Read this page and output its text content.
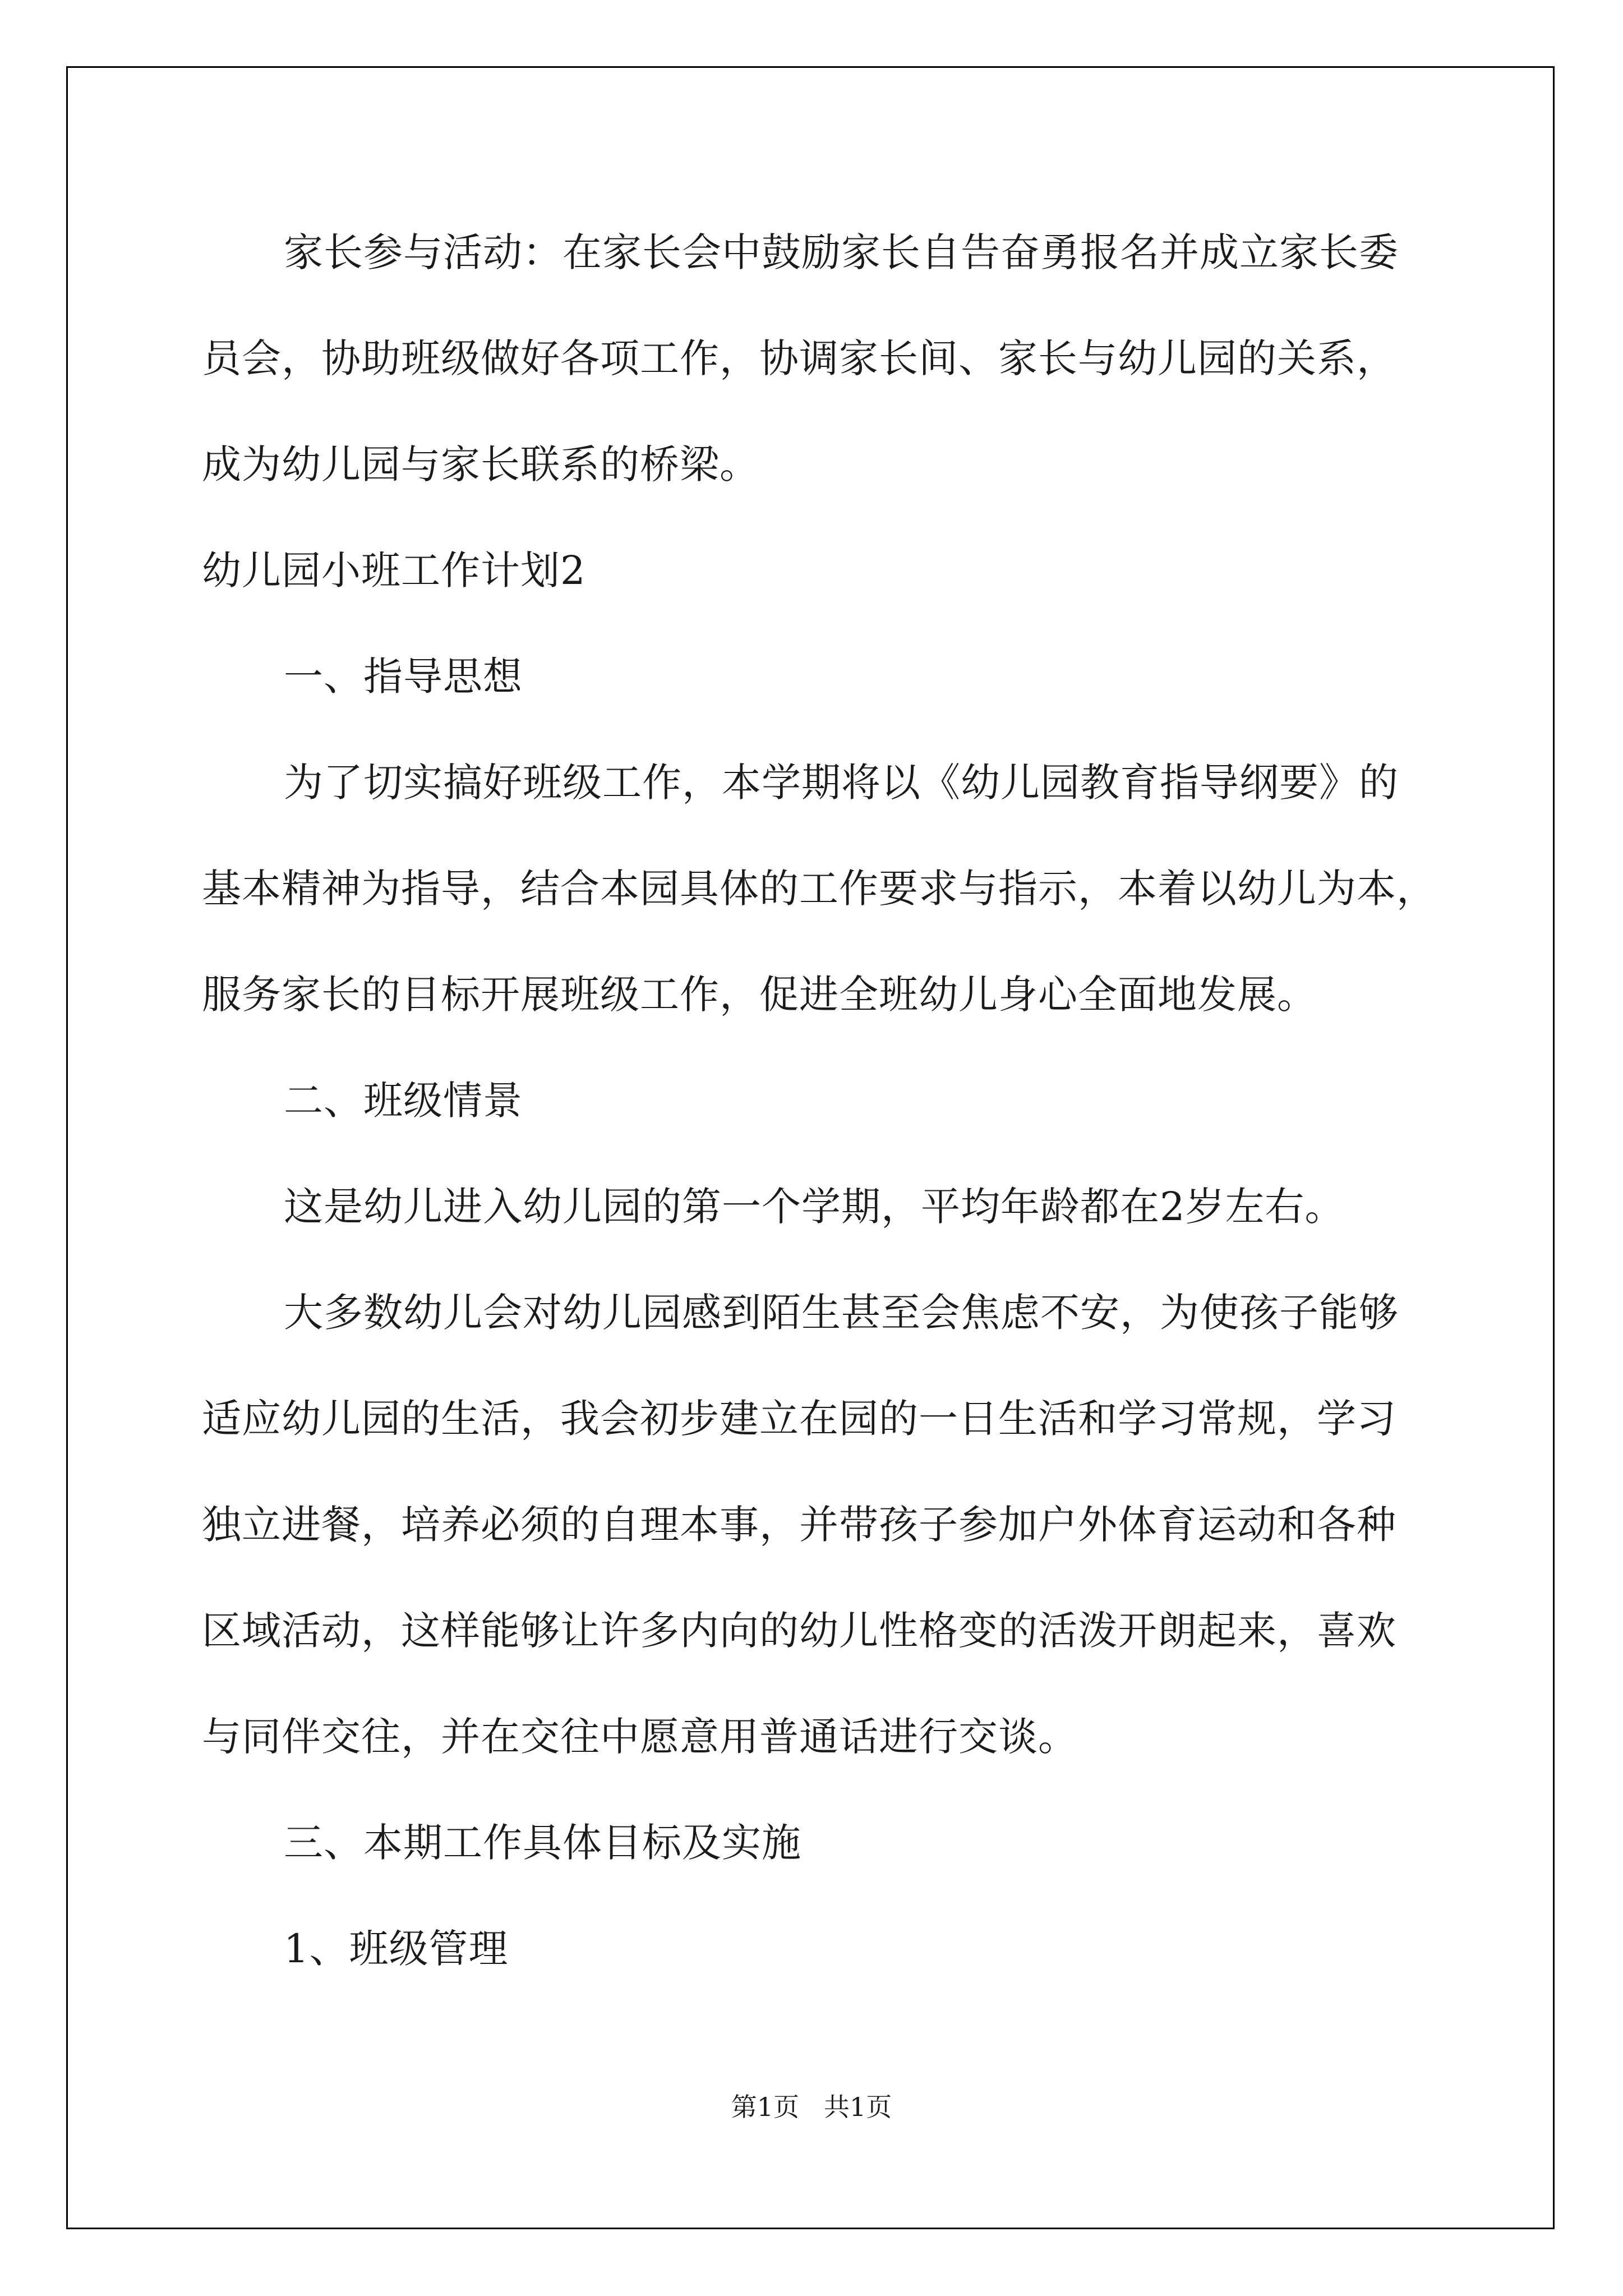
家长参与活动：在家长会中鼓励家长自告奋勇报名并成立家长委
员会，协助班级做好各项工作，协调家长间、家长与幼儿园的关系，
成为幼儿园与家长联系的桥梁。
幼儿园小班工作计划2
一、指导思想
为了切实搞好班级工作，本学期将以《幼儿园教育指导纲要》的
基本精神为指导，结合本园具体的工作要求与指示，本着以幼儿为本，
服务家长的目标开展班级工作，促进全班幼儿身心全面地发展。
二、班级情景
这是幼儿进入幼儿园的第一个学期，平均年龄都在2岁左右。
大多数幼儿会对幼儿园感到陌生甚至会焦虑不安，为使孩子能够
适应幼儿园的生活，我会初步建立在园的一日生活和学习常规，学习
独立进餐，培养必须的自理本事，并带孩子参加户外体育运动和各种
区域活动，这样能够让许多内向的幼儿性格变的活泼开朗起来，喜欢
与同伴交往，并在交往中愿意用普通话进行交谈。
三、本期工作具体目标及实施
1、班级管理
第1页   共1页
